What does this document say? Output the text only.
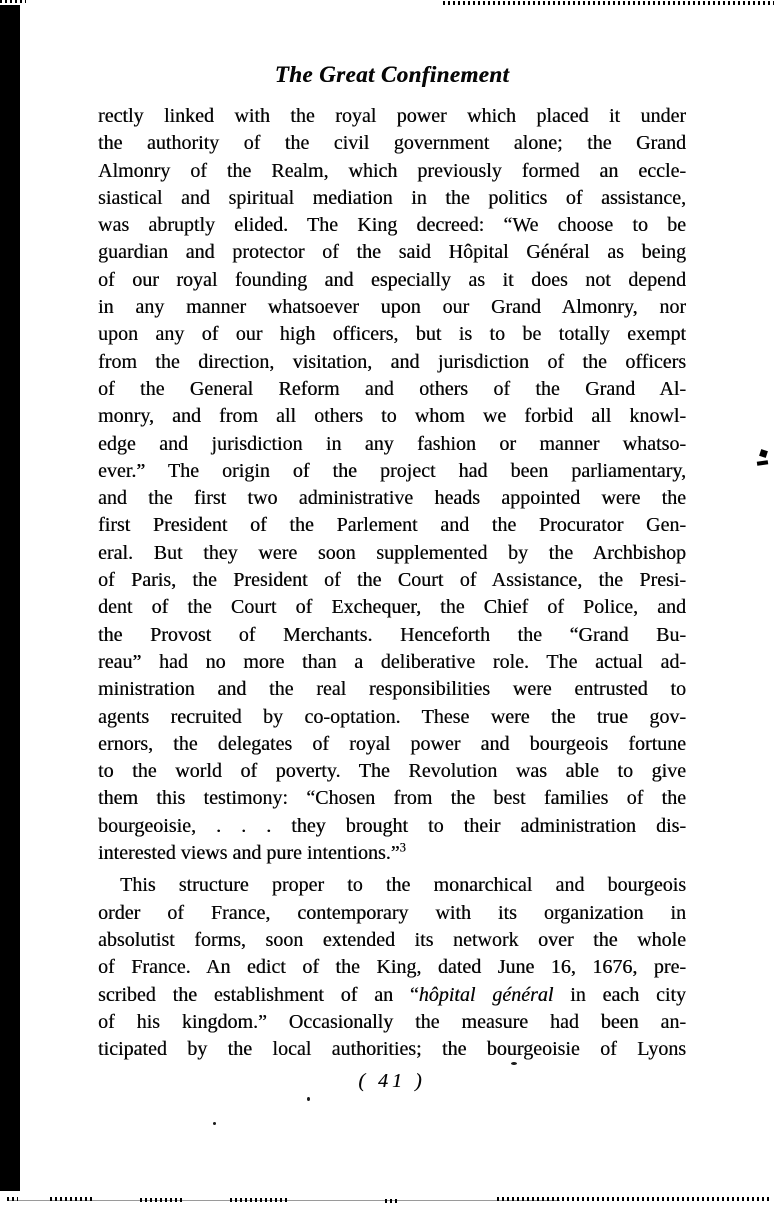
The Great Confinement
rectly linked with the royal power which placed it under
the authority of the civil government alone; the Grand
Almonry of the Realm, which previously formed an eccle-
siastical and spiritual mediation in the politics of assistance,
was abruptly elided. The King decreed: “We choose to be
guardian and protector of the said Hôpital Général as being
of our royal founding and especially as it does not depend
in any manner whatsoever upon our Grand Almonry, nor
upon any of our high officers, but is to be totally exempt
from the direction, visitation, and jurisdiction of the officers
of the General Reform and others of the Grand Al-
monry, and from all others to whom we forbid all knowl-
edge and jurisdiction in any fashion or manner whatso-
ever.” The origin of the project had been parliamentary,
and the first two administrative heads appointed were the
first President of the Parlement and the Procurator Gen-
eral. But they were soon supplemented by the Archbishop
of Paris, the President of the Court of Assistance, the Presi-
dent of the Court of Exchequer, the Chief of Police, and
the Provost of Merchants. Henceforth the “Grand Bu-
reau” had no more than a deliberative role. The actual ad-
ministration and the real responsibilities were entrusted to
agents recruited by co-optation. These were the true gov-
ernors, the delegates of royal power and bourgeois fortune
to the world of poverty. The Revolution was able to give
them this testimony: “Chosen from the best families of the
bourgeoisie, . . . they brought to their administration dis-
interested views and pure intentions.”$^3$
This structure proper to the monarchical and bourgeois
order of France, contemporary with its organization in
absolutist forms, soon extended its network over the whole
of France. An edict of the King, dated June 16, 1676, pre-
scribed the establishment of an “hôpital général in each city
of his kingdom.” Occasionally the measure had been an-
ticipated by the local authorities; the bourgeoisie of Lyons
( 41 )
